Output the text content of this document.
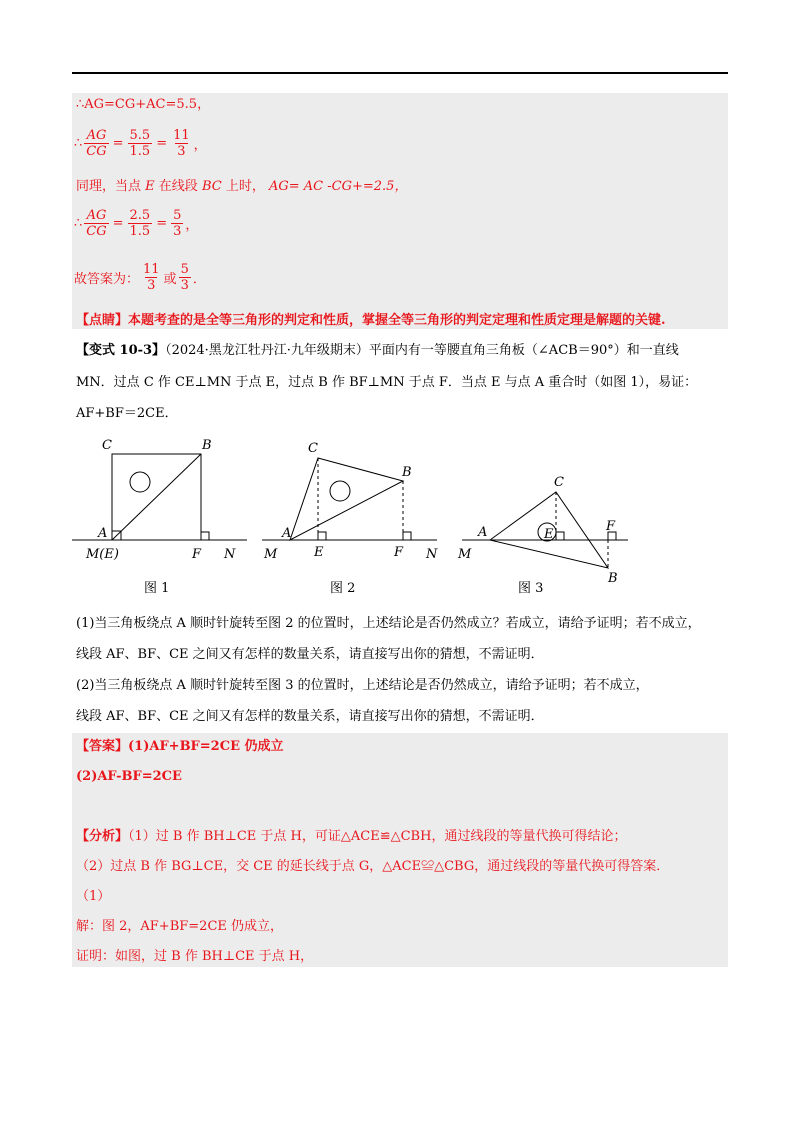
∴AG=CG+AC=5.5，
∴ $\frac{AG}{CG} = \frac{5.5}{1.5} = \frac{11}{3}$ ，
同理，当点 E 在线段 BC 上时， AG= AC -CG+=2.5，
∴ $\frac{AG}{CG} = \frac{2.5}{1.5} = \frac{5}{3}$ ，
故答案为： $\frac{11}{3}$ 或 $\frac{5}{3}$ ．
【点睛】本题考查的是全等三角形的判定和性质，掌握全等三角形的判定定理和性质定理是解题的关键.
【变式 10-3】（2024·黑龙江牡丹江·九年级期末）平面内有一等腰直角三角板（∠ACB＝90°）和一直线
MN．过点 C 作 CE⊥MN 于点 E，过点 B 作 BF⊥MN 于点 F．当点 E 与点 A 重合时（如图 1），易证：
AF+BF＝2CE．
C	B
A
M(E)	F N
图 1
C
B
A
M	E	F N
图 2
C
A
M
E
F
B
图 3
(1)当三角板绕点 A 顺时针旋转至图 2 的位置时，上述结论是否仍然成立？若成立，请给予证明；若不成立，
线段 AF、BF、CE 之间又有怎样的数量关系，请直接写出你的猜想，不需证明．
(2)当三角板绕点 A 顺时针旋转至图 3 的位置时，上述结论是否仍然成立，请给予证明；若不成立，
线段 AF、BF、CE 之间又有怎样的数量关系，请直接写出你的猜想，不需证明．
【答案】(1)AF+BF=2CE 仍成立
(2)AF-BF=2CE
【分析】（1）过 B 作 BH⊥CE 于点 H，可证△ACE≌△CBH，通过线段的等量代换可得结论；
（2）过点 B 作 BG⊥CE，交 CE 的延长线于点 G，△ACE≌△CBG，通过线段的等量代换可得答案．
（1）
解：图 2，AF+BF=2CE 仍成立，
证明：如图，过 B 作 BH⊥CE 于点 H，
